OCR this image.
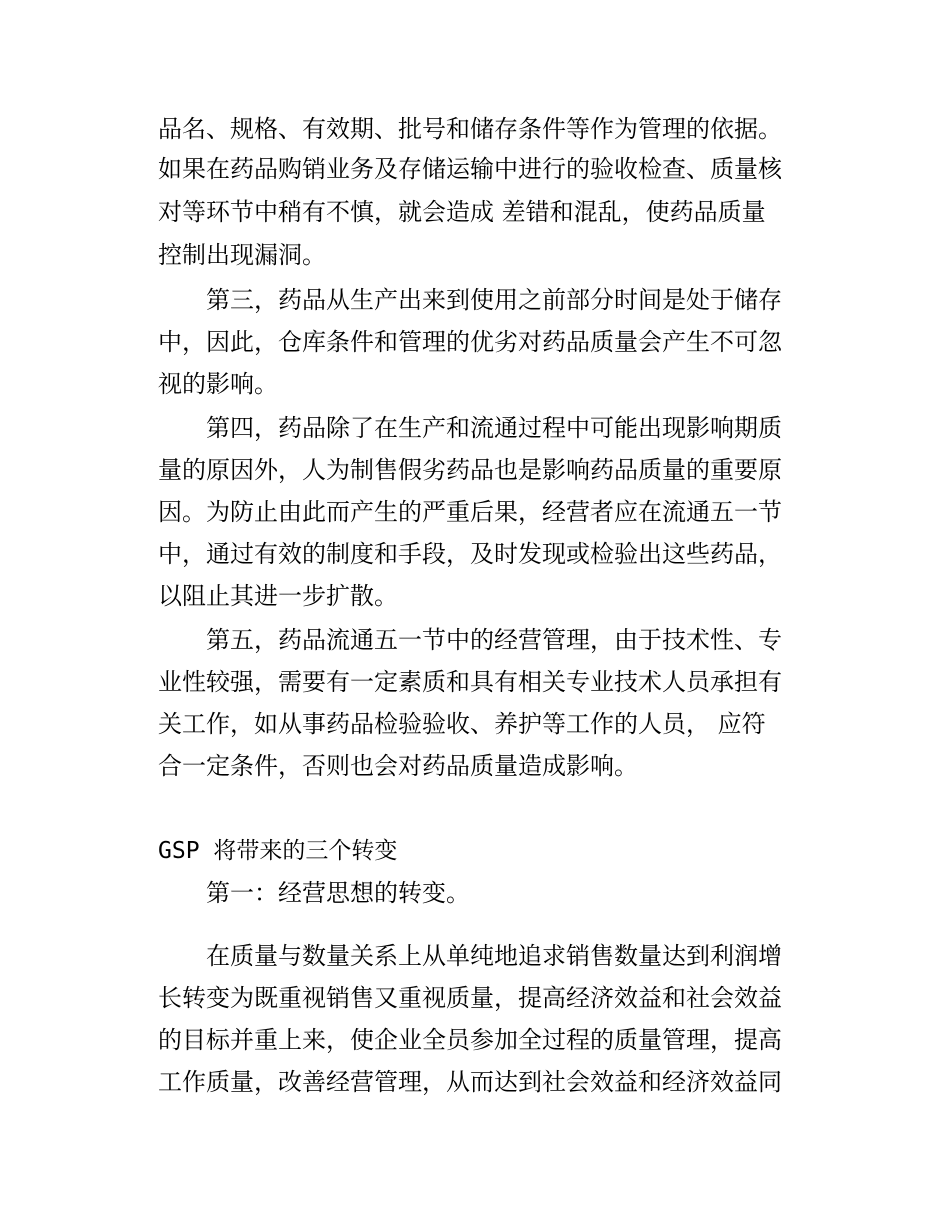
品名、规格、有效期、批号和储存条件等作为管理的依据。
如果在药品购销业务及存储运输中进行的验收检查、质量核
对等环节中稍有不慎，就会造成 差错和混乱，使药品质量
控制出现漏洞。
第三，药品从生产出来到使用之前部分时间是处于储存
中，因此，仓库条件和管理的优劣对药品质量会产生不可忽
视的影响。
第四，药品除了在生产和流通过程中可能出现影响期质
量的原因外，人为制售假劣药品也是影响药品质量的重要原
因。为防止由此而产生的严重后果，经营者应在流通五一节
中，通过有效的制度和手段，及时发现或检验出这些药品，
以阻止其进一步扩散。
第五，药品流通五一节中的经营管理，由于技术性、专
业性较强，需要有一定素质和具有相关专业技术人员承担有
关工作，如从事药品检验验收、养护等工作的人员， 应符
合一定条件，否则也会对药品质量造成影响。
GSP 将带来的三个转变
第一：经营思想的转变。
在质量与数量关系上从单纯地追求销售数量达到利润增
长转变为既重视销售又重视质量，提高经济效益和社会效益
的目标并重上来，使企业全员参加全过程的质量管理，提高
工作质量，改善经营管理，从而达到社会效益和经济效益同
